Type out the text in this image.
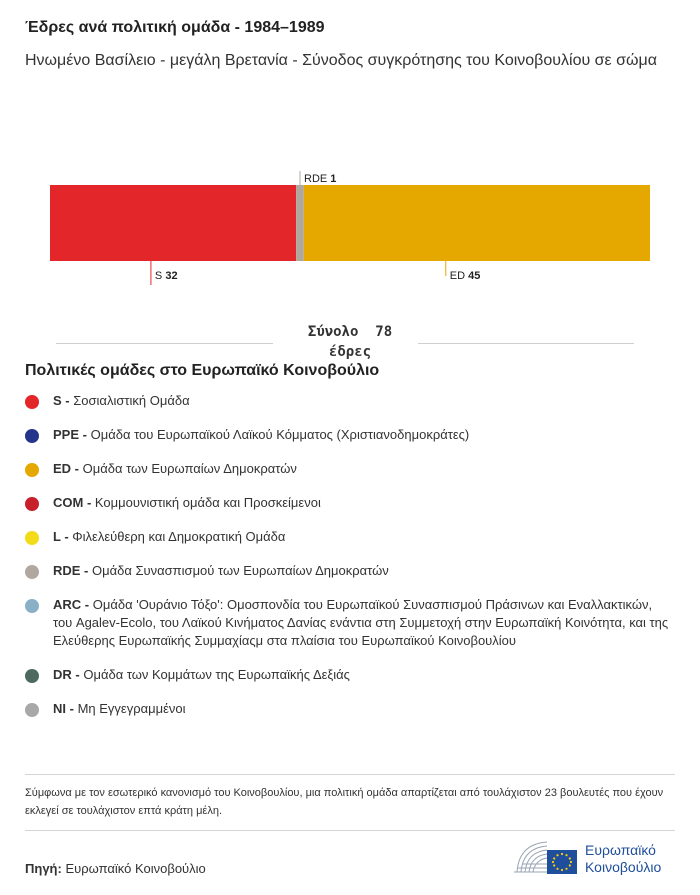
Έδρες ανά πολιτική ομάδα - 1984–1989
Ηνωμένο Βασίλειο - μεγάλη Βρετανία - Σύνοδος συγκρότησης του Κοινοβουλίου σε σώμα
S 32
RDE 1
ED 45
Σύνολο 78
έδρες
Πολιτικές ομάδες στο Ευρωπαϊκό Κοινοβούλιο
S - Σοσιαλιστική Ομάδα
PPE - Ομάδα του Ευρωπαϊκού Λαϊκού Κόμματος (Χριστιανοδημοκράτες)
ED - Ομάδα των Ευρωπαίων Δημοκρατών
COM - Κομμουνιστική ομάδα και Προσκείμενοι
L - Φιλελεύθερη και Δημοκρατική Ομάδα
RDE - Ομάδα Συνασπισμού των Ευρωπαίων Δημοκρατών
ARC - Ομάδα 'Ουράνιο Τόξο': Ομοσπονδία του Ευρωπαϊκού Συνασπισμού Πράσινων και Εναλλακτικών, του Agalev-Ecolo, του Λαϊκού Κινήματος Δανίας ενάντια στη Συμμετοχή στην Ευρωπαϊκή Κοινότητα, και της Ελεύθερης Ευρωπαϊκής Συμμαχίαςμ στα πλαίσια του Ευρωπαϊκού Κοινοβουλίου
DR - Ομάδα των Κομμάτων της Ευρωπαϊκής Δεξιάς
NI - Μη Εγγεγραμμένοι
Σύμφωνα με τον εσωτερικό κανονισμό του Κοινοβουλίου, μια πολιτική ομάδα απαρτίζεται από τουλάχιστον 23 βουλευτές που έχουν εκλεγεί σε τουλάχιστον επτά κράτη μέλη.
Πηγή: Ευρωπαϊκό Κοινοβούλιο
Ευρωπαϊκό
Κοινοβούλιο
